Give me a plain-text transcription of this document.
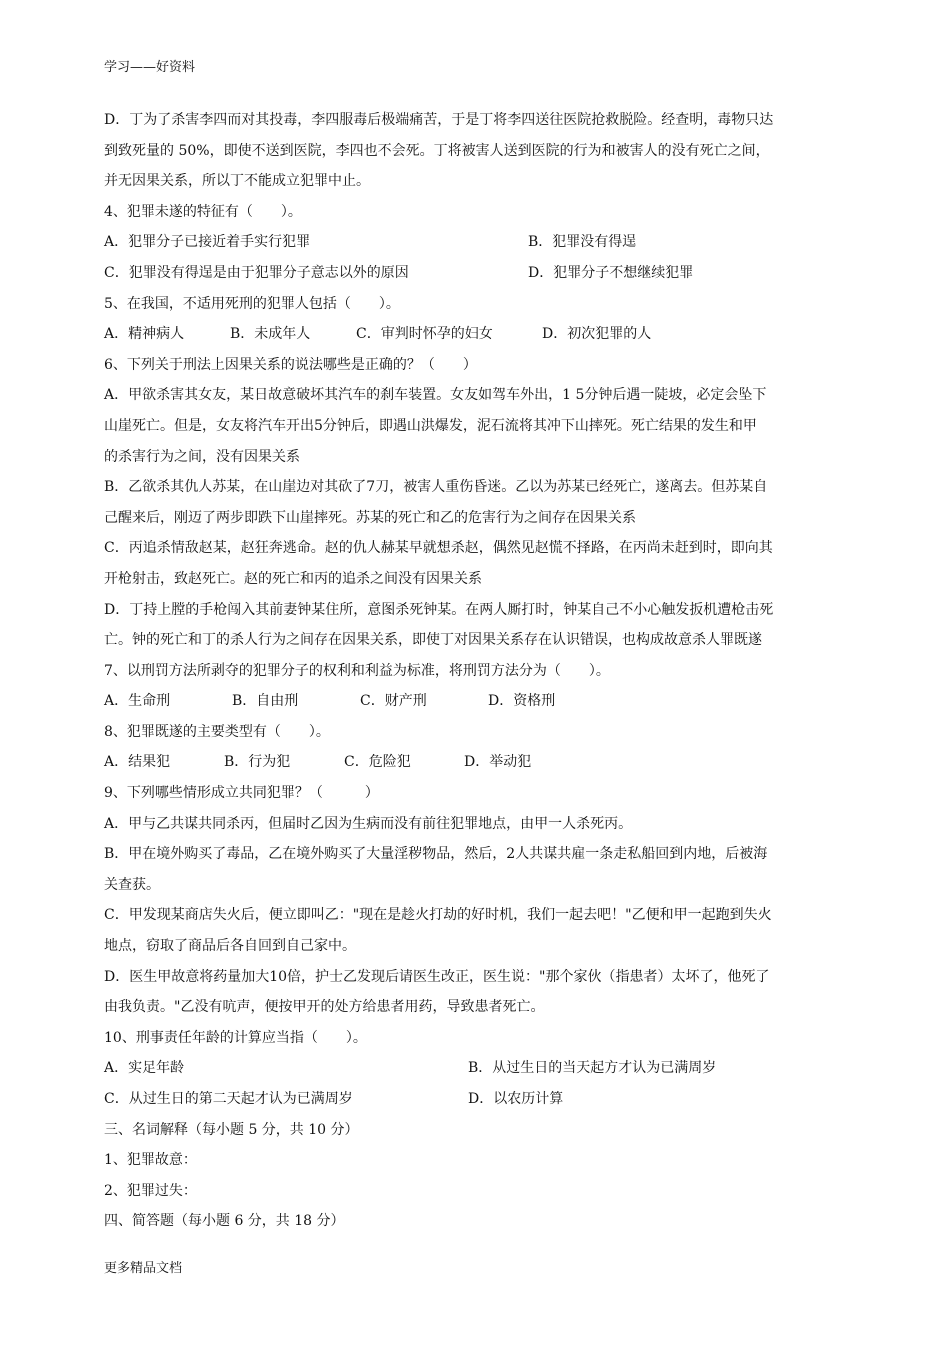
学习——好资料
D．丁为了杀害李四而对其投毒，李四服毒后极端痛苦，于是丁将李四送往医院抢救脱险。经查明，毒物只达
到致死量的 50%，即使不送到医院，李四也不会死。丁将被害人送到医院的行为和被害人的没有死亡之间，
并无因果关系，所以丁不能成立犯罪中止。
4、犯罪未遂的特征有（　　）。
A．犯罪分子已接近着手实行犯罪	B．犯罪没有得逞
C．犯罪没有得逞是由于犯罪分子意志以外的原因	D．犯罪分子不想继续犯罪
5、在我国，不适用死刑的犯罪人包括（　　）。
A．精神病人	B．未成年人	C．审判时怀孕的妇女	D．初次犯罪的人
6、下列关于刑法上因果关系的说法哪些是正确的？（　　）
A．甲欲杀害其女友，某日故意破坏其汽车的刹车装置。女友如驾车外出，1 5分钟后遇一陡坡，必定会坠下
山崖死亡。但是，女友将汽车开出5分钟后，即遇山洪爆发，泥石流将其冲下山摔死。死亡结果的发生和甲
的杀害行为之间，没有因果关系
B．乙欲杀其仇人苏某，在山崖边对其砍了7刀，被害人重伤昏迷。乙以为苏某已经死亡，遂离去。但苏某自
己醒来后，刚迈了两步即跌下山崖摔死。苏某的死亡和乙的危害行为之间存在因果关系
C．丙追杀情敌赵某，赵狂奔逃命。赵的仇人赫某早就想杀赵，偶然见赵慌不择路，在丙尚未赶到时，即向其
开枪射击，致赵死亡。赵的死亡和丙的追杀之间没有因果关系
D．丁持上膛的手枪闯入其前妻钟某住所，意图杀死钟某。在两人厮打时，钟某自己不小心触发扳机遭枪击死
亡。钟的死亡和丁的杀人行为之间存在因果关系，即使丁对因果关系存在认识错误，也构成故意杀人罪既遂
7、以刑罚方法所剥夺的犯罪分子的权利和利益为标准，将刑罚方法分为（　　）。
A．生命刑	B．自由刑	C．财产刑	D．资格刑
8、犯罪既遂的主要类型有（　　）。
A．结果犯	B．行为犯	C．危险犯	D．举动犯
9、下列哪些情形成立共同犯罪？（　　　）
A．甲与乙共谋共同杀丙，但届时乙因为生病而没有前往犯罪地点，由甲一人杀死丙。
B．甲在境外购买了毒品，乙在境外购买了大量淫秽物品，然后，2人共谋共雇一条走私船回到内地，后被海
关查获。
C．甲发现某商店失火后，便立即叫乙："现在是趁火打劫的好时机，我们一起去吧！"乙便和甲一起跑到失火
地点，窃取了商品后各自回到自己家中。
D．医生甲故意将药量加大10倍，护士乙发现后请医生改正，医生说："那个家伙（指患者）太坏了，他死了
由我负责。"乙没有吭声，便按甲开的处方给患者用药，导致患者死亡。
10、刑事责任年龄的计算应当指（　　）。
A．实足年龄	B．从过生日的当天起方才认为已满周岁
C．从过生日的第二天起才认为已满周岁	D．以农历计算
三、名词解释（每小题 5 分，共 10 分）
1、犯罪故意：
2、犯罪过失：
四、简答题（每小题 6 分，共 18 分）
更多精品文档
